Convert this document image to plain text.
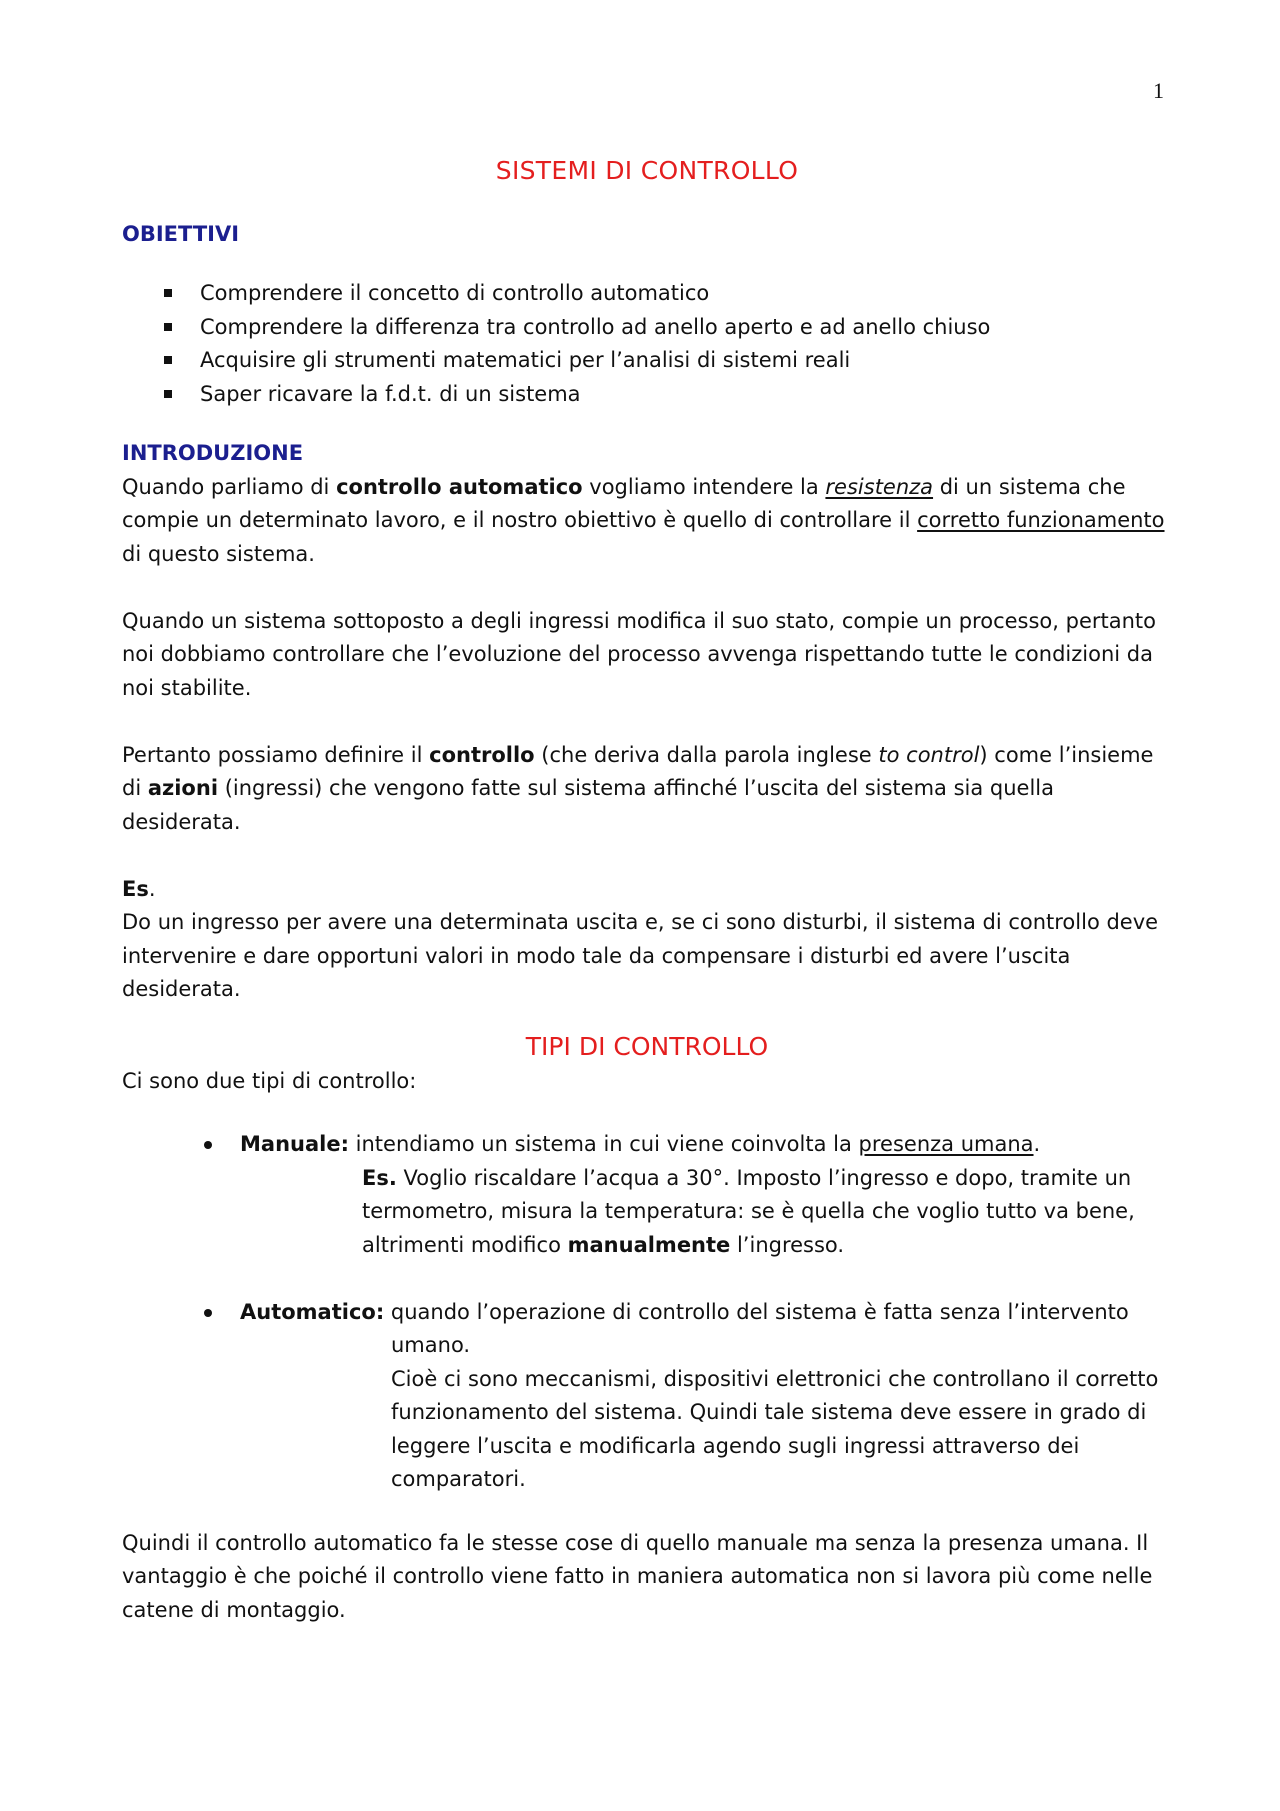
1
SISTEMI DI CONTROLLO
OBIETTIVI
Comprendere il concetto di controllo automatico
Comprendere la differenza tra controllo ad anello aperto e ad anello chiuso
Acquisire gli strumenti matematici per l’analisi di sistemi reali
Saper ricavare la f.d.t. di un sistema
INTRODUZIONE

Quando parliamo di controllo automatico vogliamo intendere la resistenza di un sistema che compie un determinato lavoro, e il nostro obiettivo è quello di controllare il corretto funzionamento di questo sistema.

Quando un sistema sottoposto a degli ingressi modifica il suo stato, compie un processo, pertanto noi dobbiamo controllare che l’evoluzione del processo avvenga rispettando tutte le condizioni da noi stabilite.

Pertanto possiamo definire il controllo (che deriva dalla parola inglese to control) come l’insieme di azioni (ingressi) che vengono fatte sul sistema affinché l’uscita del sistema sia quella desiderata.

Es.

Do un ingresso per avere una determinata uscita e, se ci sono disturbi, il sistema di controllo deve intervenire e dare opportuni valori in modo tale da compensare i disturbi ed avere l’uscita desiderata.

TIPI DI CONTROLLO

Ci sono due tipi di controllo:

Manuale: intendiamo un sistema in cui viene coinvolta la presenza umana.

Es. Voglio riscaldare l’acqua a 30°. Imposto l’ingresso e dopo, tramite un termometro, misura la temperatura: se è quella che voglio tutto va bene, altrimenti modifico manualmente l’ingresso.

Automatico: quando l’operazione di controllo del sistema è fatta senza l’intervento umano.

Cioè ci sono meccanismi, dispositivi elettronici che controllano il corretto funzionamento del sistema. Quindi tale sistema deve essere in grado di leggere l’uscita e modificarla agendo sugli ingressi attraverso dei comparatori.

Quindi il controllo automatico fa le stesse cose di quello manuale ma senza la presenza umana. Il vantaggio è che poiché il controllo viene fatto in maniera automatica non si lavora più come nelle catene di montaggio.
